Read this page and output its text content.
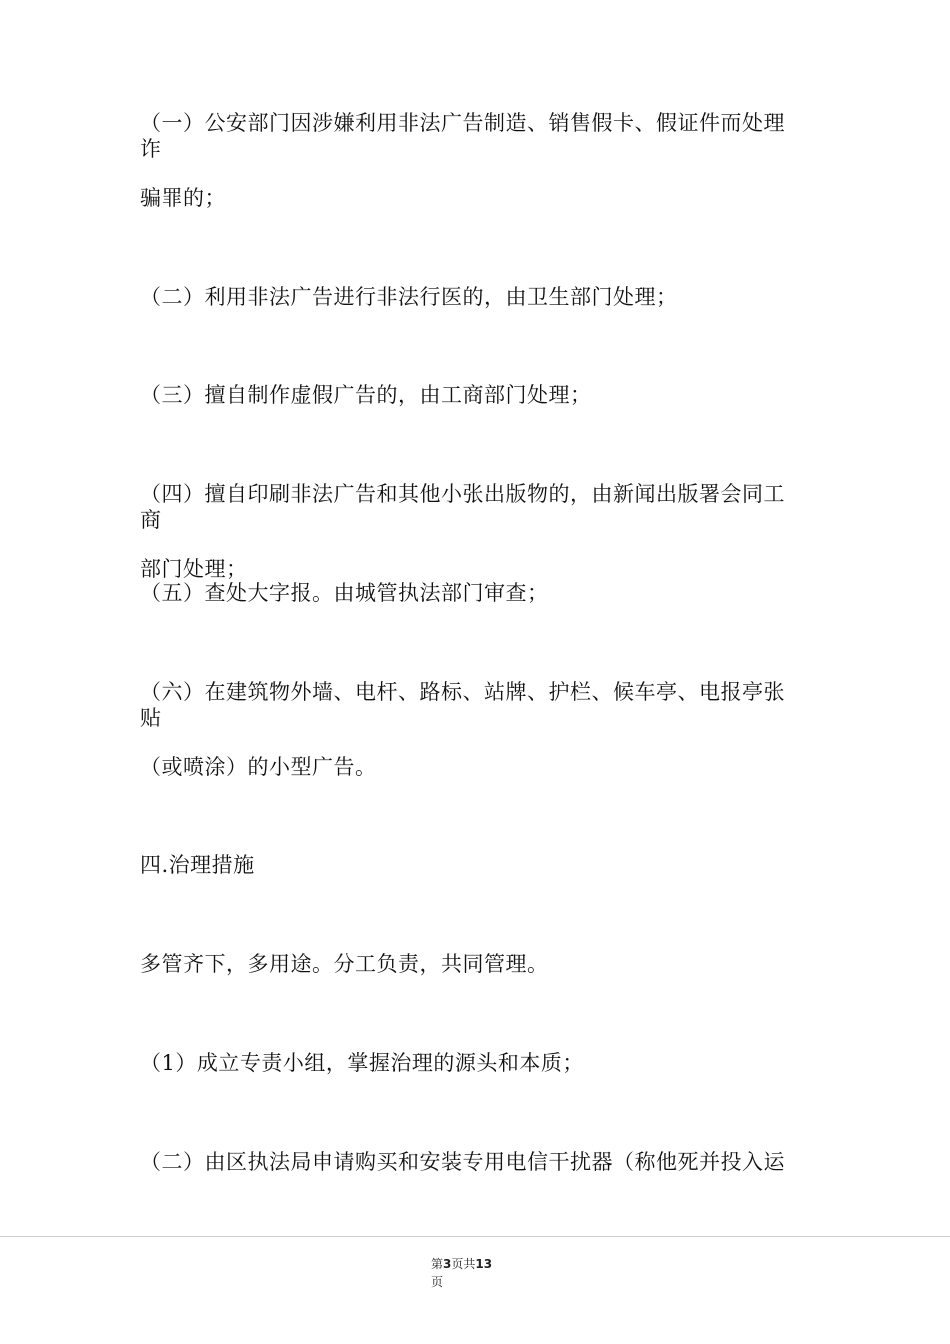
（一）公安部门因涉嫌利用非法广告制造、销售假卡、假证件而处理
诈
骗罪的；
（二）利用非法广告进行非法行医的，由卫生部门处理；
（三）擅自制作虚假广告的，由工商部门处理；
（四）擅自印刷非法广告和其他小张出版物的，由新闻出版署会同工
商
部门处理；
（五）查处大字报。由城管执法部门审查；
（六）在建筑物外墙、电杆、路标、站牌、护栏、候车亭、电报亭张
贴
（或喷涂）的小型广告。
四.治理措施
多管齐下，多用途。分工负责，共同管理。
（1）成立专责小组，掌握治理的源头和本质；
（二）由区执法局申请购买和安装专用电信干扰器（称他死并投入运
第3页共13
页
